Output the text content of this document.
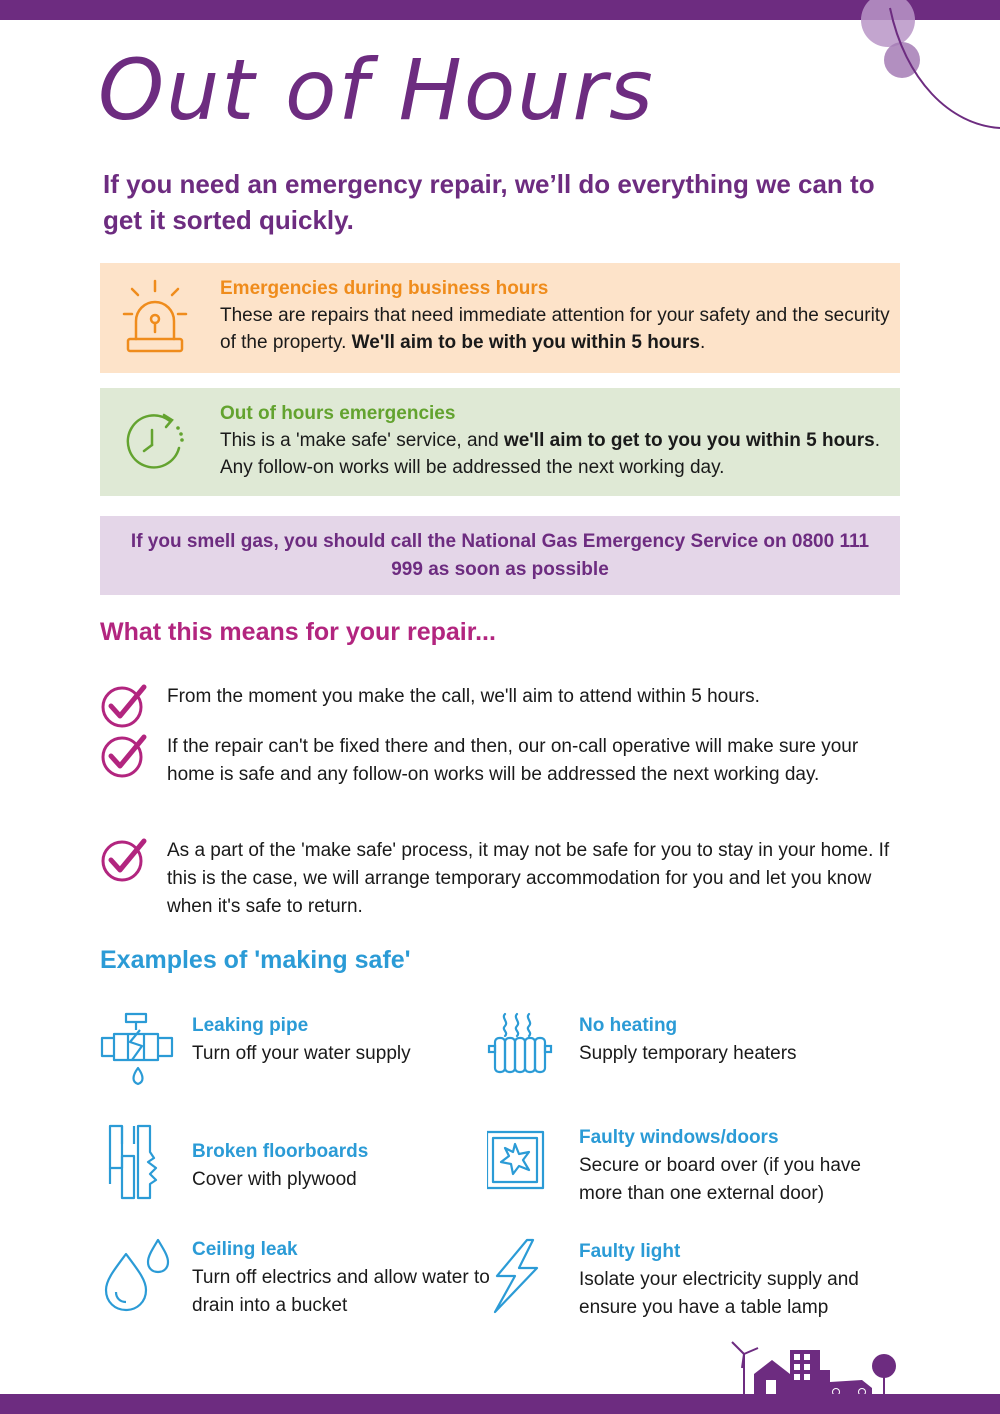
Out of Hours

If you need an emergency repair, we’ll do everything we can to get it sorted quickly.

Emergencies during business hours
These are repairs that need immediate attention for your safety and the security of the property. We'll aim to be with you within 5 hours.
Out of hours emergencies
This is a 'make safe' service, and we'll aim to get to you you within 5 hours. Any follow-on works will be addressed the next working day.
If you smell gas, you should call the National Gas Emergency Service on 0800 111 999 as soon as possible
What this means for your repair...
From the moment you make the call, we'll aim to attend within 5 hours.
If the repair can't be fixed there and then, our on-call operative will make sure your home is safe and any follow-on works will be addressed the next working day.
As a part of the 'make safe' process, it may not be safe for you to stay in your home. If this is the case, we will arrange temporary accommodation for you and let you know when it's safe to return.
Examples of 'making safe'
Leaking pipe
Turn off your water supply
No heating
Supply temporary heaters
Broken floorboards
Cover with plywood
Faulty windows/doors
Secure or board over (if you have more than one external door)
Ceiling leak
Turn off electrics and allow water to drain into a bucket
Faulty light
Isolate your electricity supply and ensure you have a table lamp
